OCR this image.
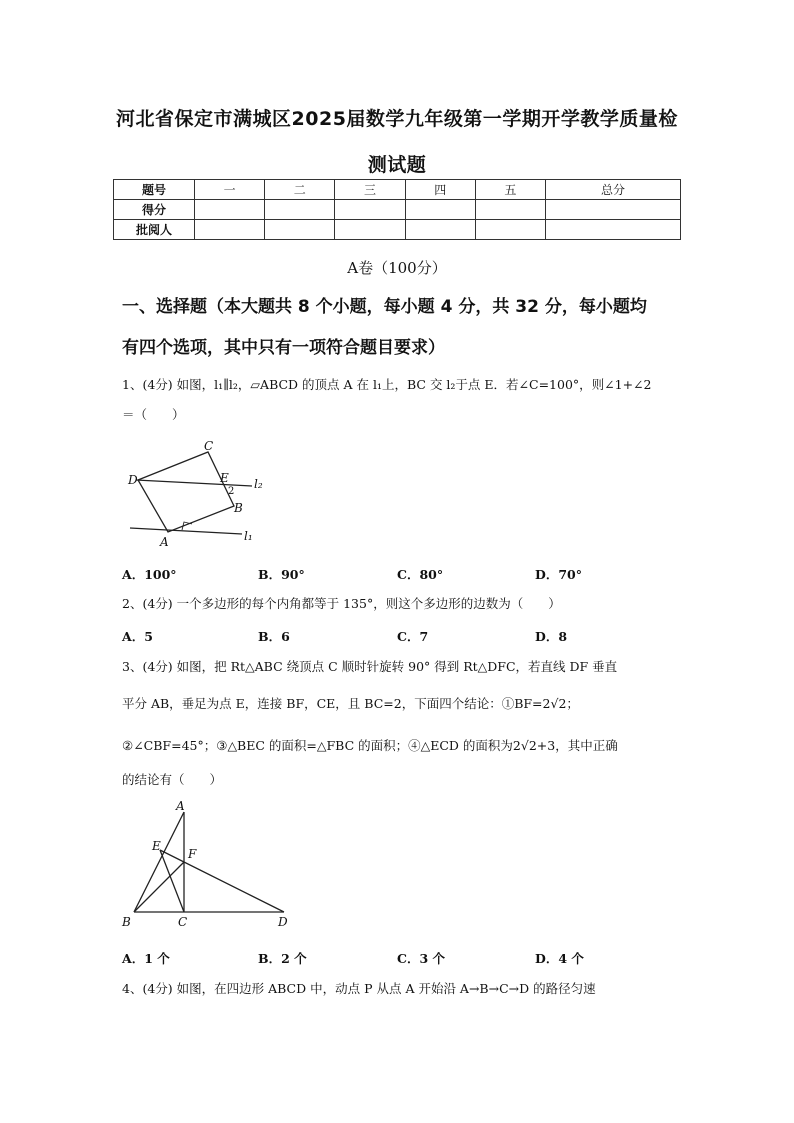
河北省保定市满城区2025届数学九年级第一学期开学教学质量检
测试题
题号	一	二	三	四	五	总分
得分						
批阅人						
A卷（100分）
一、选择题（本大题共 8 个小题，每小题 4 分，共 32 分，每小题均
有四个选项，其中只有一项符合题目要求）
1、(4分) 如图，l₁∥l₂，▱ABCD 的顶点 A 在 l₁上，BC 交 l₂于点 E．若∠C=100°，则∠1+∠2
＝（　　）
C
D	E l₂
2
B
A	l₁
A．100°	B．90°	C．80°	D．70°
2、(4分) 一个多边形的每个内角都等于 135°，则这个多边形的边数为（　　）
A．5	B．6	C．7	D．8
3、(4分) 如图，把 Rt△ABC 绕顶点 C 顺时针旋转 90° 得到 Rt△DFC，若直线 DF 垂直
平分 AB，垂足为点 E，连接 BF，CE，且 BC=2，下面四个结论：①BF=2√2；
②∠CBF=45°；③△BEC 的面积=△FBC 的面积；④△ECD 的面积为2√2+3，其中正确
的结论有（　　）
A
E
F
B	C	D
A．1 个	B．2 个	C．3 个	D．4 个
4、(4分) 如图，在四边形 ABCD 中，动点 P 从点 A 开始沿 A→B→C→D 的路径匀速
